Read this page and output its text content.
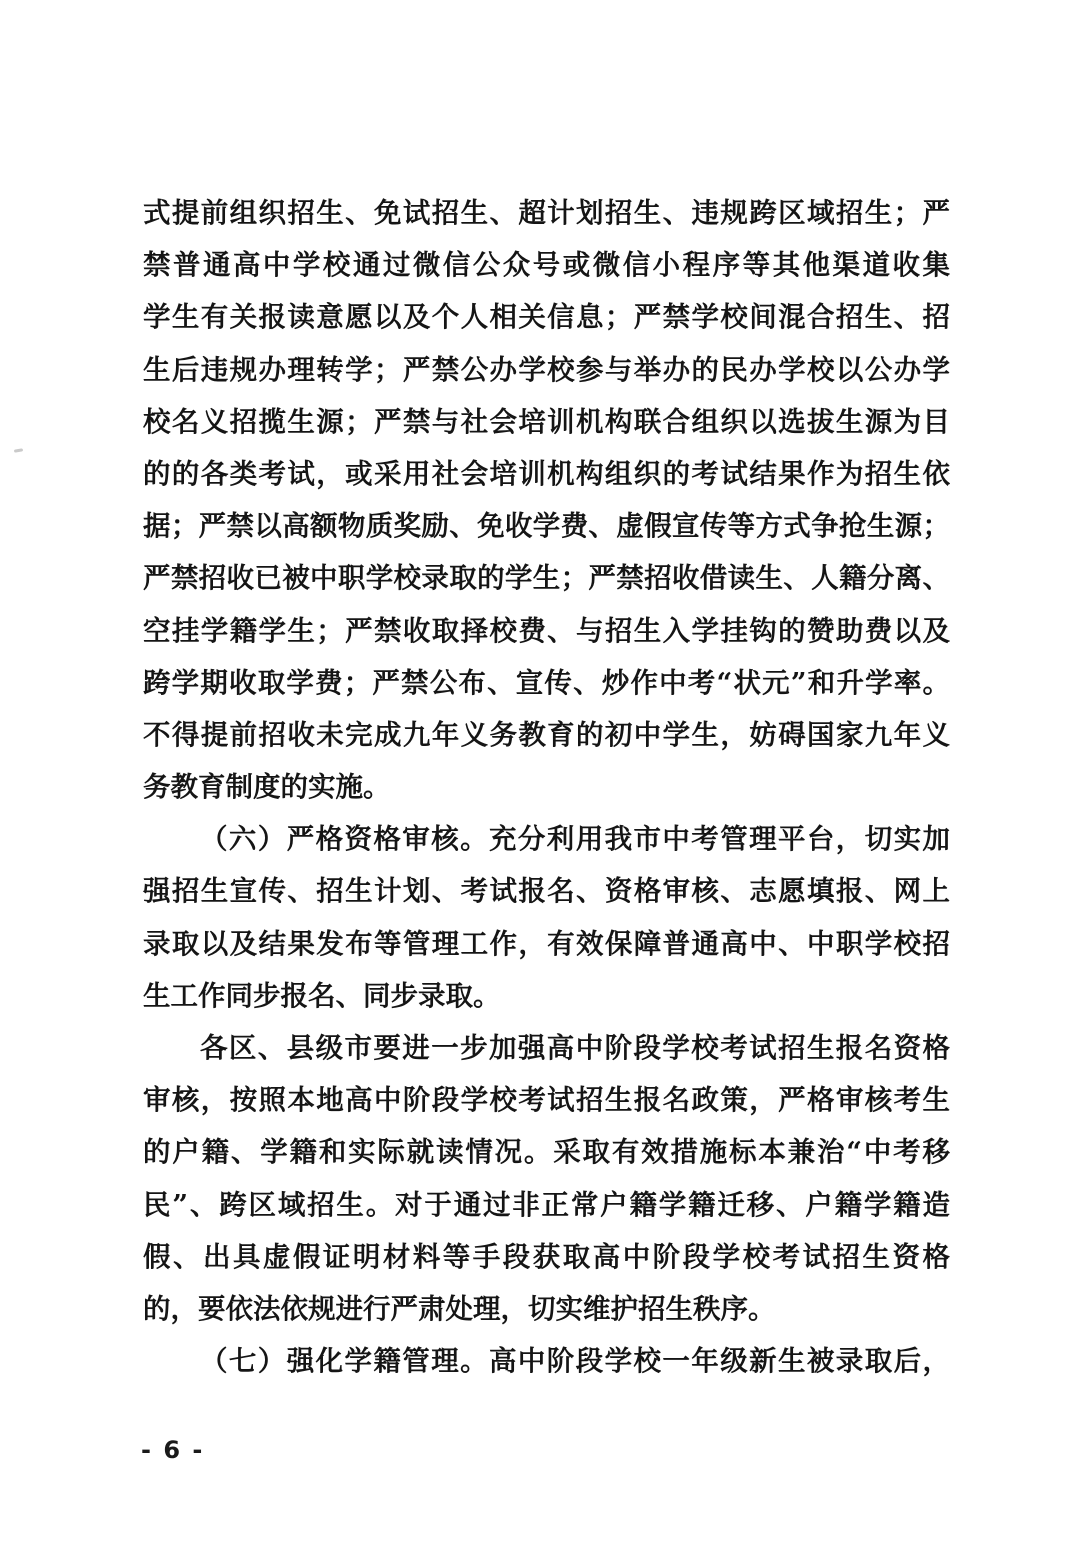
式提前组织招生、免试招生、超计划招生、违规跨区域招生；严
禁普通高中学校通过微信公众号或微信小程序等其他渠道收集
学生有关报读意愿以及个人相关信息；严禁学校间混合招生、招
生后违规办理转学；严禁公办学校参与举办的民办学校以公办学
校名义招揽生源；严禁与社会培训机构联合组织以选拔生源为目
的的各类考试，或采用社会培训机构组织的考试结果作为招生依
据；严禁以高额物质奖励、免收学费、虚假宣传等方式争抢生源；
严禁招收已被中职学校录取的学生；严禁招收借读生、人籍分离、
空挂学籍学生；严禁收取择校费、与招生入学挂钩的赞助费以及
跨学期收取学费；严禁公布、宣传、炒作中考“状元”和升学率。
不得提前招收未完成九年义务教育的初中学生，妨碍国家九年义
务教育制度的实施。
（六）严格资格审核。充分利用我市中考管理平台，切实加
强招生宣传、招生计划、考试报名、资格审核、志愿填报、网上
录取以及结果发布等管理工作，有效保障普通高中、中职学校招
生工作同步报名、同步录取。
各区、县级市要进一步加强高中阶段学校考试招生报名资格
审核，按照本地高中阶段学校考试招生报名政策，严格审核考生
的户籍、学籍和实际就读情况。采取有效措施标本兼治“中考移
民”、跨区域招生。对于通过非正常户籍学籍迁移、户籍学籍造
假、出具虚假证明材料等手段获取高中阶段学校考试招生资格
的，要依法依规进行严肃处理，切实维护招生秩序。
（七）强化学籍管理。高中阶段学校一年级新生被录取后，
- 6 -
